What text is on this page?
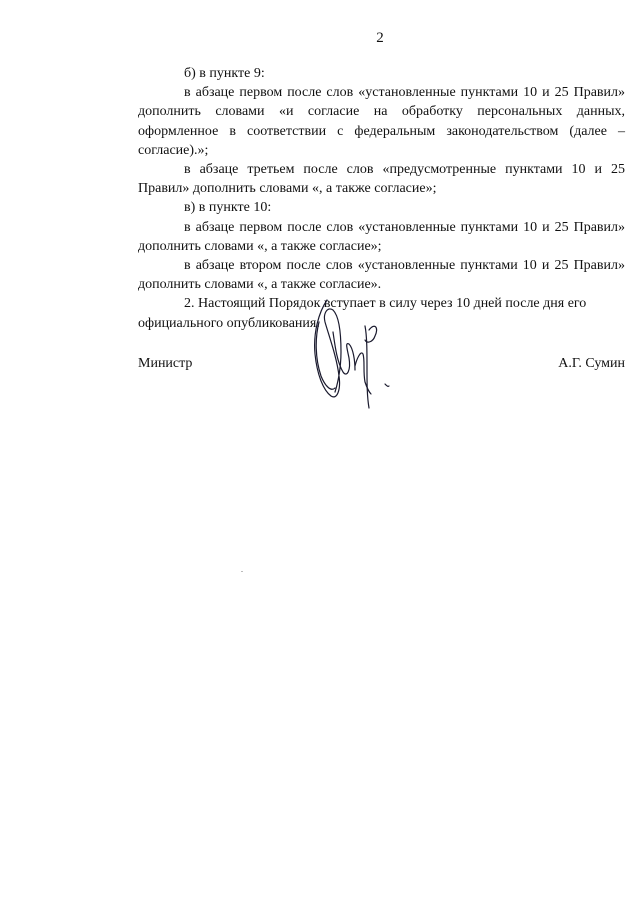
2

б) в пункте 9:

в абзаце первом после слов «установленные пунктами 10 и 25 Правил» дополнить словами «и согласие на обработку персональных данных, оформленное в соответствии с федеральным законодательством (далее – согласие).»;

в абзаце третьем после слов «предусмотренные пунктами 10 и 25 Правил» дополнить словами «, а также согласие»;

в) в пункте 10:

в абзаце первом после слов «установленные пунктами 10 и 25 Правил» дополнить словами «, а также согласие»;

в абзаце втором после слов «установленные пунктами 10 и 25 Правил» дополнить словами «, а также согласие».

2. Настоящий Порядок вступает в силу через 10 дней после дня его официального опубликования.

Министр	А.Г. Сумин
